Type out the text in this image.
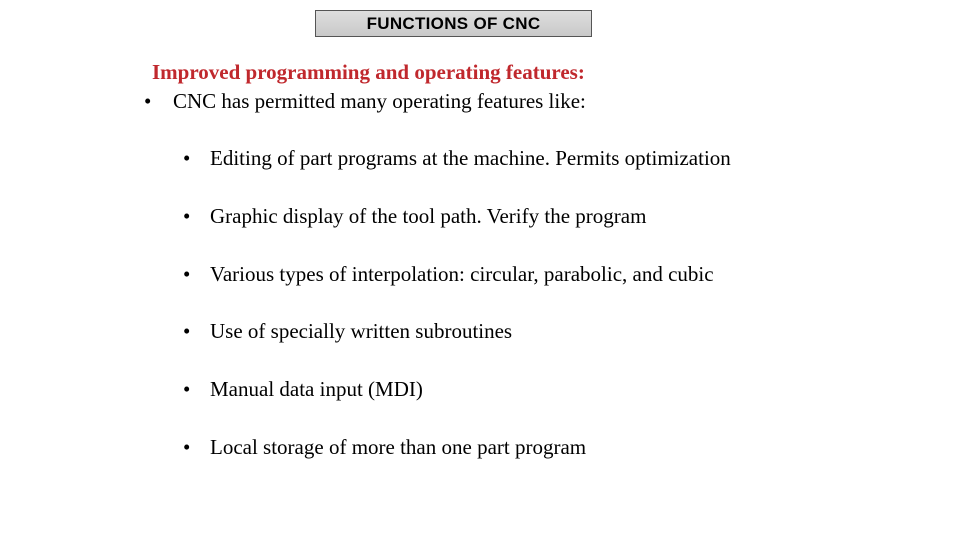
FUNCTIONS OF CNC
Improved programming and operating features:
• CNC has permitted many operating features like:
• Editing of part programs at the machine. Permits optimization
• Graphic display of the tool path. Verify the program
• Various types of interpolation: circular, parabolic, and cubic
• Use of specially written subroutines
• Manual data input (MDI)
• Local storage of more than one part program
